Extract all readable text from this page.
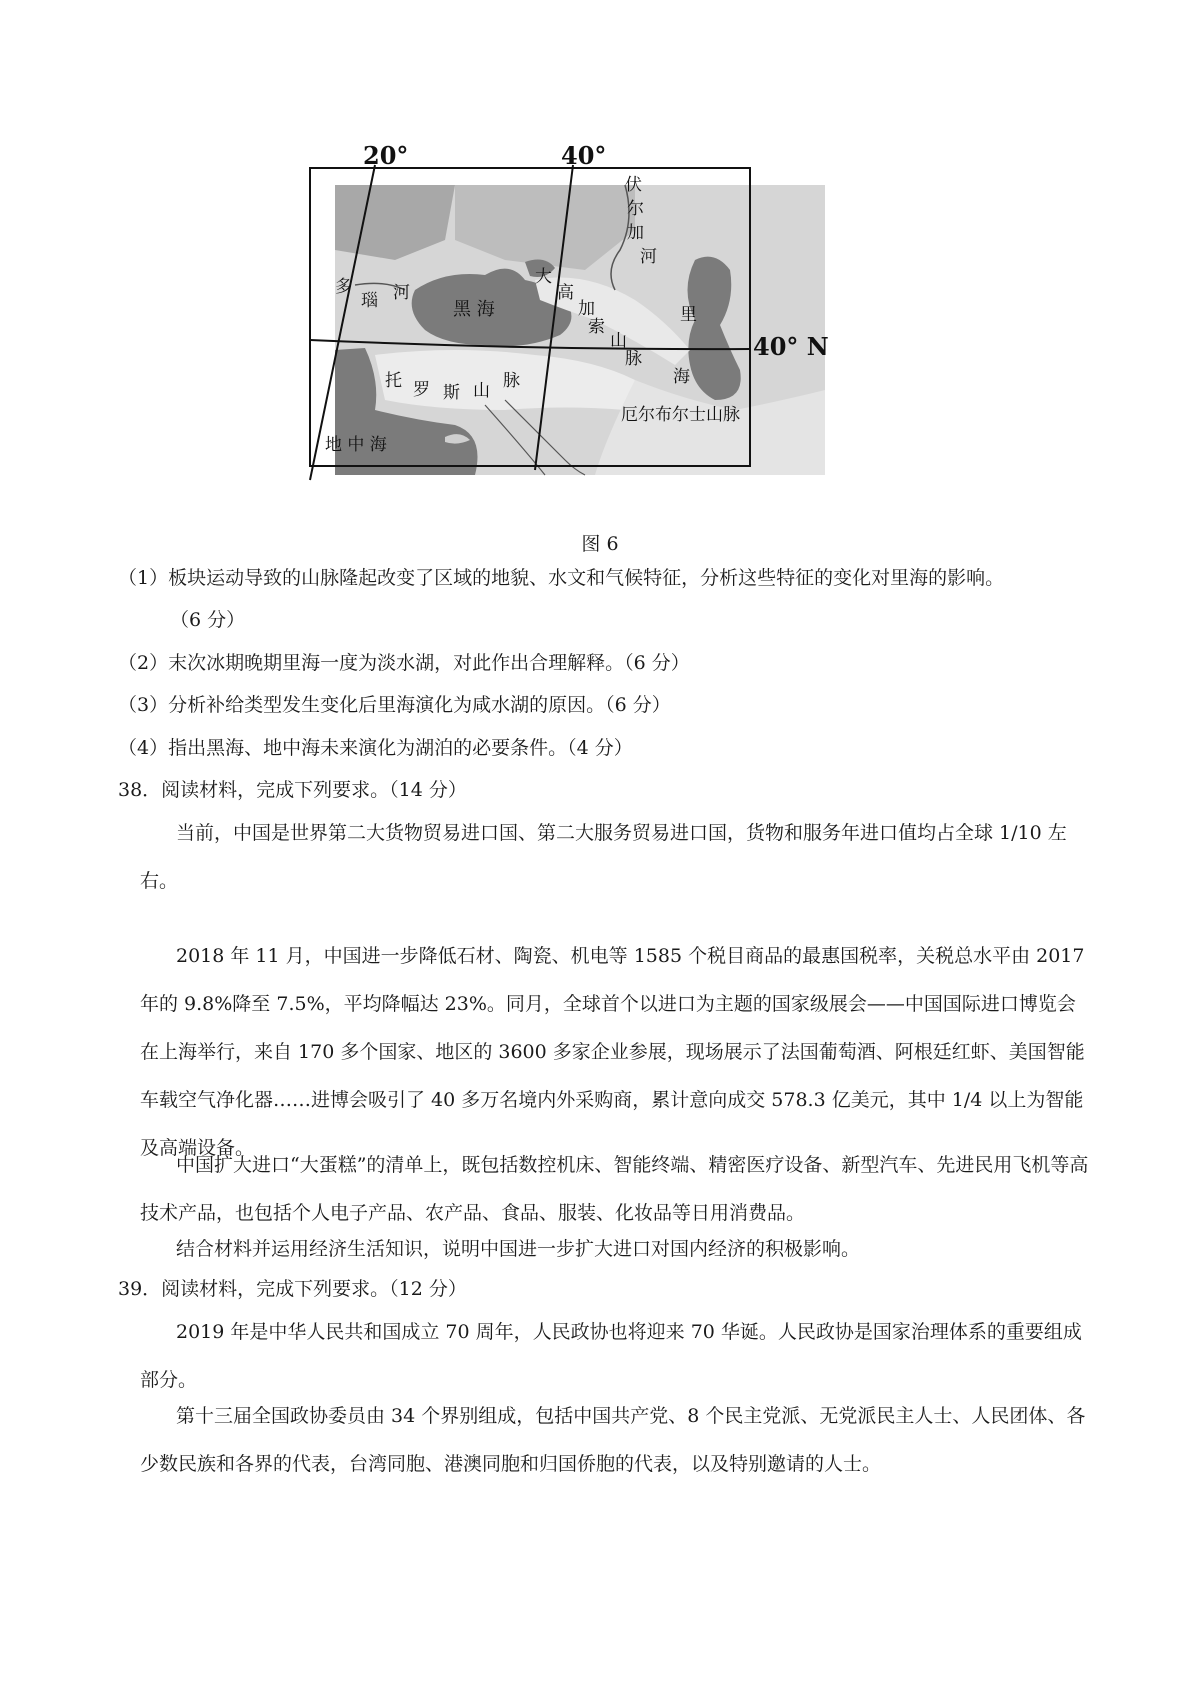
20°	40°
40° N
多
瑙 河
黑 海
伏
尔
加
河
大
高
加
索
山
脉
里
海
托 罗 斯 山 脉
厄尔布尔士山脉
地 中 海
图 6
（1）板块运动导致的山脉隆起改变了区域的地貌、水文和气候特征，分析这些特征的变化对里海的影响。
（6 分）
（2）末次冰期晚期里海一度为淡水湖，对此作出合理解释。（6 分）
（3）分析补给类型发生变化后里海演化为咸水湖的原因。（6 分）
（4）指出黑海、地中海未来演化为湖泊的必要条件。（4 分）
38．阅读材料，完成下列要求。（14 分）
当前，中国是世界第二大货物贸易进口国、第二大服务贸易进口国，货物和服务年进口值均占全球 1/10 左右。
2018 年 11 月，中国进一步降低石材、陶瓷、机电等 1585 个税目商品的最惠国税率，关税总水平由 2017 年的 9.8%降至 7.5%，平均降幅达 23%。同月，全球首个以进口为主题的国家级展会——中国国际进口博览会在上海举行，来自 170 多个国家、地区的 3600 多家企业参展，现场展示了法国葡萄酒、阿根廷红虾、美国智能车载空气净化器……进博会吸引了 40 多万名境内外采购商，累计意向成交 578.3 亿美元，其中 1/4 以上为智能及高端设备。
中国扩大进口“大蛋糕”的清单上，既包括数控机床、智能终端、精密医疗设备、新型汽车、先进民用飞机等高技术产品，也包括个人电子产品、农产品、食品、服装、化妆品等日用消费品。
结合材料并运用经济生活知识，说明中国进一步扩大进口对国内经济的积极影响。
39．阅读材料，完成下列要求。（12 分）
2019 年是中华人民共和国成立 70 周年，人民政协也将迎来 70 华诞。人民政协是国家治理体系的重要组成部分。
第十三届全国政协委员由 34 个界别组成，包括中国共产党、8 个民主党派、无党派民主人士、人民团体、各少数民族和各界的代表，台湾同胞、港澳同胞和归国侨胞的代表，以及特别邀请的人士。
